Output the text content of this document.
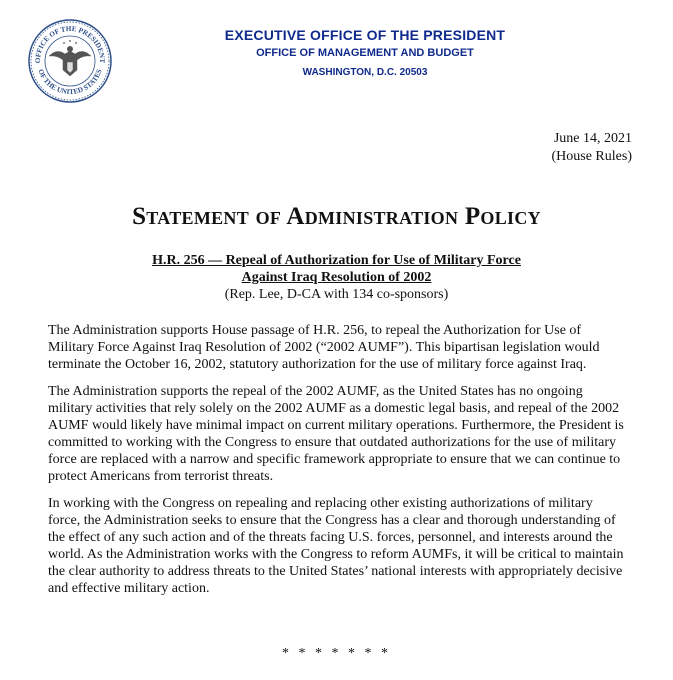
OFFICE OF THE PRESIDENT
OF THE UNITED STATES
EXECUTIVE OFFICE OF THE PRESIDENT
OFFICE OF MANAGEMENT AND BUDGET
WASHINGTON, D.C. 20503
June 14, 2021
(House Rules)
Statement of Administration Policy
H.R. 256 — Repeal of Authorization for Use of Military Force
Against Iraq Resolution of 2002
(Rep. Lee, D-CA with 134 co-sponsors)

The Administration supports House passage of H.R. 256, to repeal the Authorization for Use of Military Force Against Iraq Resolution of 2002 (“2002 AUMF”). This bipartisan legislation would terminate the October 16, 2002, statutory authorization for the use of military force against Iraq.

The Administration supports the repeal of the 2002 AUMF, as the United States has no ongoing military activities that rely solely on the 2002 AUMF as a domestic legal basis, and repeal of the 2002 AUMF would likely have minimal impact on current military operations. Furthermore, the President is committed to working with the Congress to ensure that outdated authorizations for the use of military force are replaced with a narrow and specific framework appropriate to ensure that we can continue to protect Americans from terrorist threats.

In working with the Congress on repealing and replacing other existing authorizations of military force, the Administration seeks to ensure that the Congress has a clear and thorough understanding of the effect of any such action and of the threats facing U.S. forces, personnel, and interests around the world. As the Administration works with the Congress to reform AUMFs, it will be critical to maintain the clear authority to address threats to the United States’ national interests with appropriately decisive and effective military action.

* * * * * * *
